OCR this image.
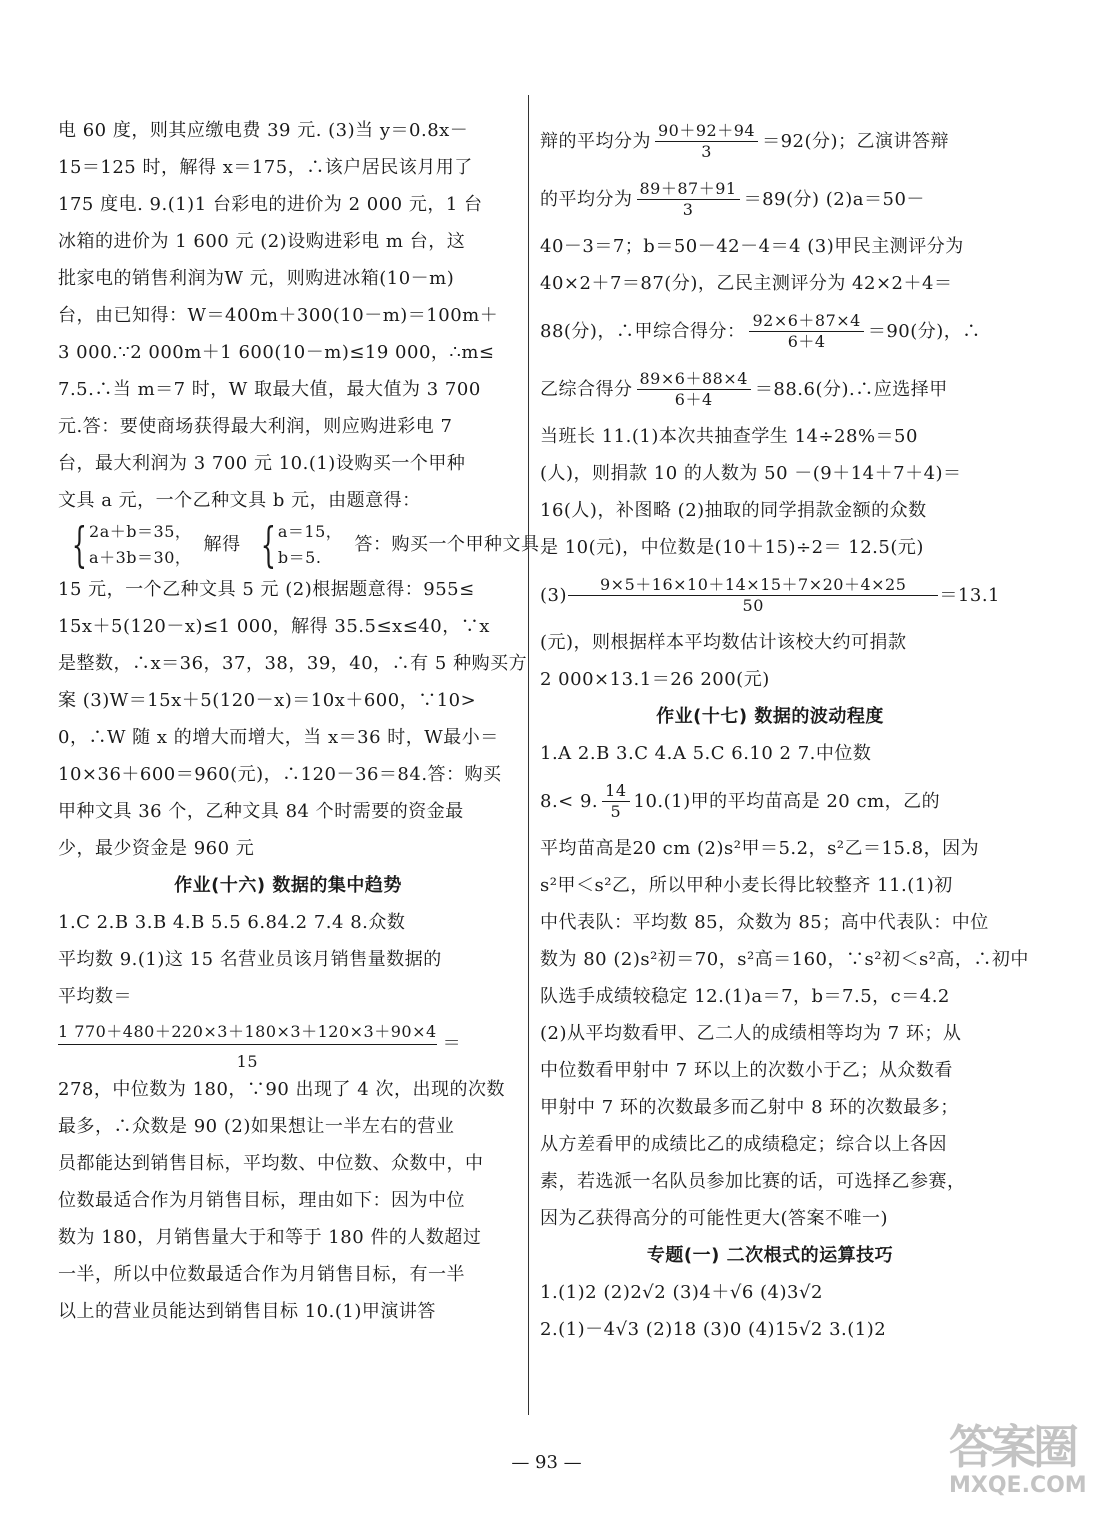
电 60 度，则其应缴电费 39 元. (3)当 y＝0.8x－
15＝125 时，解得 x＝175，∴该户居民该月用了
175 度电. 9.(1)1 台彩电的进价为 2 000 元，1 台
冰箱的进价为 1 600 元 (2)设购进彩电 m 台，这
批家电的销售利润为W 元，则购进冰箱(10－m)
台，由已知得：W＝400m＋300(10－m)＝100m＋
3 000.∵2 000m＋1 600(10－m)≤19 000，∴m≤
7.5.∴当 m＝7 时，W 取最大值，最大值为 3 700
元.答：要使商场获得最大利润，则应购进彩电 7
台，最大利润为 3 700 元 10.(1)设购买一个甲种
文具 a 元，一个乙种文具 b 元，由题意得：
{ 2a＋b＝35，
a＋3b＝30，
解得 { a＝15，
b＝5.
答：购买一个甲种文具
15 元，一个乙种文具 5 元 (2)根据题意得：955≤
15x＋5(120－x)≤1 000，解得 35.5≤x≤40，∵x
是整数，∴x＝36，37，38，39，40，∴有 5 种购买方
案 (3)W＝15x＋5(120－x)＝10x＋600，∵10>
0，∴W 随 x 的增大而增大，当 x＝36 时，W最小＝
10×36＋600＝960(元)，∴120－36＝84.答：购买
甲种文具 36 个，乙种文具 84 个时需要的资金最
少，最少资金是 960 元
作业(十六) 数据的集中趋势
1.C 2.B 3.B 4.B 5.5 6.84.2 7.4 8.众数
平均数 9.(1)这 15 名营业员该月销售量数据的
平均数＝
1 770＋480＋220×3＋180×3＋120×3＋90×4
15
＝
278，中位数为 180，∵90 出现了 4 次，出现的次数
最多，∴众数是 90 (2)如果想让一半左右的营业
员都能达到销售目标，平均数、中位数、众数中，中
位数最适合作为月销售目标，理由如下：因为中位
数为 180，月销售量大于和等于 180 件的人数超过
一半，所以中位数最适合作为月销售目标，有一半
以上的营业员能达到销售目标 10.(1)甲演讲答
辩的平均分为 $\frac{90+92+94}{3} =92$(分)；乙演讲答辩
的平均分为 $\frac{89+87+91}{3} =89$(分) (2)a＝50－
40－3＝7；b＝50－42－4＝4 (3)甲民主测评分为
40×2＋7＝87(分)，乙民主测评分为 42×2＋4＝
88(分)，∴甲综合得分： $\frac{92\times 6+87\times 4}{6+4} =90$(分)，∴
乙综合得分 $\frac{89\times 6+88\times 4}{6+4} =88.6$(分).∴应选择甲
当班长 11.(1)本次共抽查学生 14÷28%＝50
(人)，则捐款 10 的人数为 50 －(9＋14＋7＋4)＝
16(人)，补图略 (2)抽取的同学捐款金额的众数
是 10(元)，中位数是(10＋15)÷2＝ 12.5(元)
$(3) \frac{9\times 5+16\times 10+14\times 15+7\times 20+4\times 25}{50} =13.1$
(元)，则根据样本平均数估计该校大约可捐款
2 000×13.1＝26 200(元)
作业(十七) 数据的波动程度
1.A 2.B 3.C 4.A 5.C 6.10 2 7.中位数
8.< 9. $\frac{14}{5} 10.(1)$甲的平均苗高是 20 cm，乙的
平均苗高是20 cm (2)s²甲＝5.2，s²乙＝15.8，因为
s²甲＜s²乙，所以甲种小麦长得比较整齐 11.(1)初
中代表队：平均数 85，众数为 85；高中代表队：中位
数为 80 (2)s²初＝70，s²高＝160，∵s²初＜s²高，∴初中
队选手成绩较稳定 12.(1)a＝7，b＝7.5，c＝4.2
(2)从平均数看甲、乙二人的成绩相等均为 7 环；从
中位数看甲射中 7 环以上的次数小于乙；从众数看
甲射中 7 环的次数最多而乙射中 8 环的次数最多；
从方差看甲的成绩比乙的成绩稳定；综合以上各因
素，若选派一名队员参加比赛的话，可选择乙参赛，
因为乙获得高分的可能性更大(答案不唯一)
专题(一) 二次根式的运算技巧
1.(1)2 (2)2√2 (3)4＋√6 (4)3√2
2.(1)－4√3 (2)18 (3)0 (4)15√2 3.(1)2
— 93 —	答案圈
MXQE.COM
